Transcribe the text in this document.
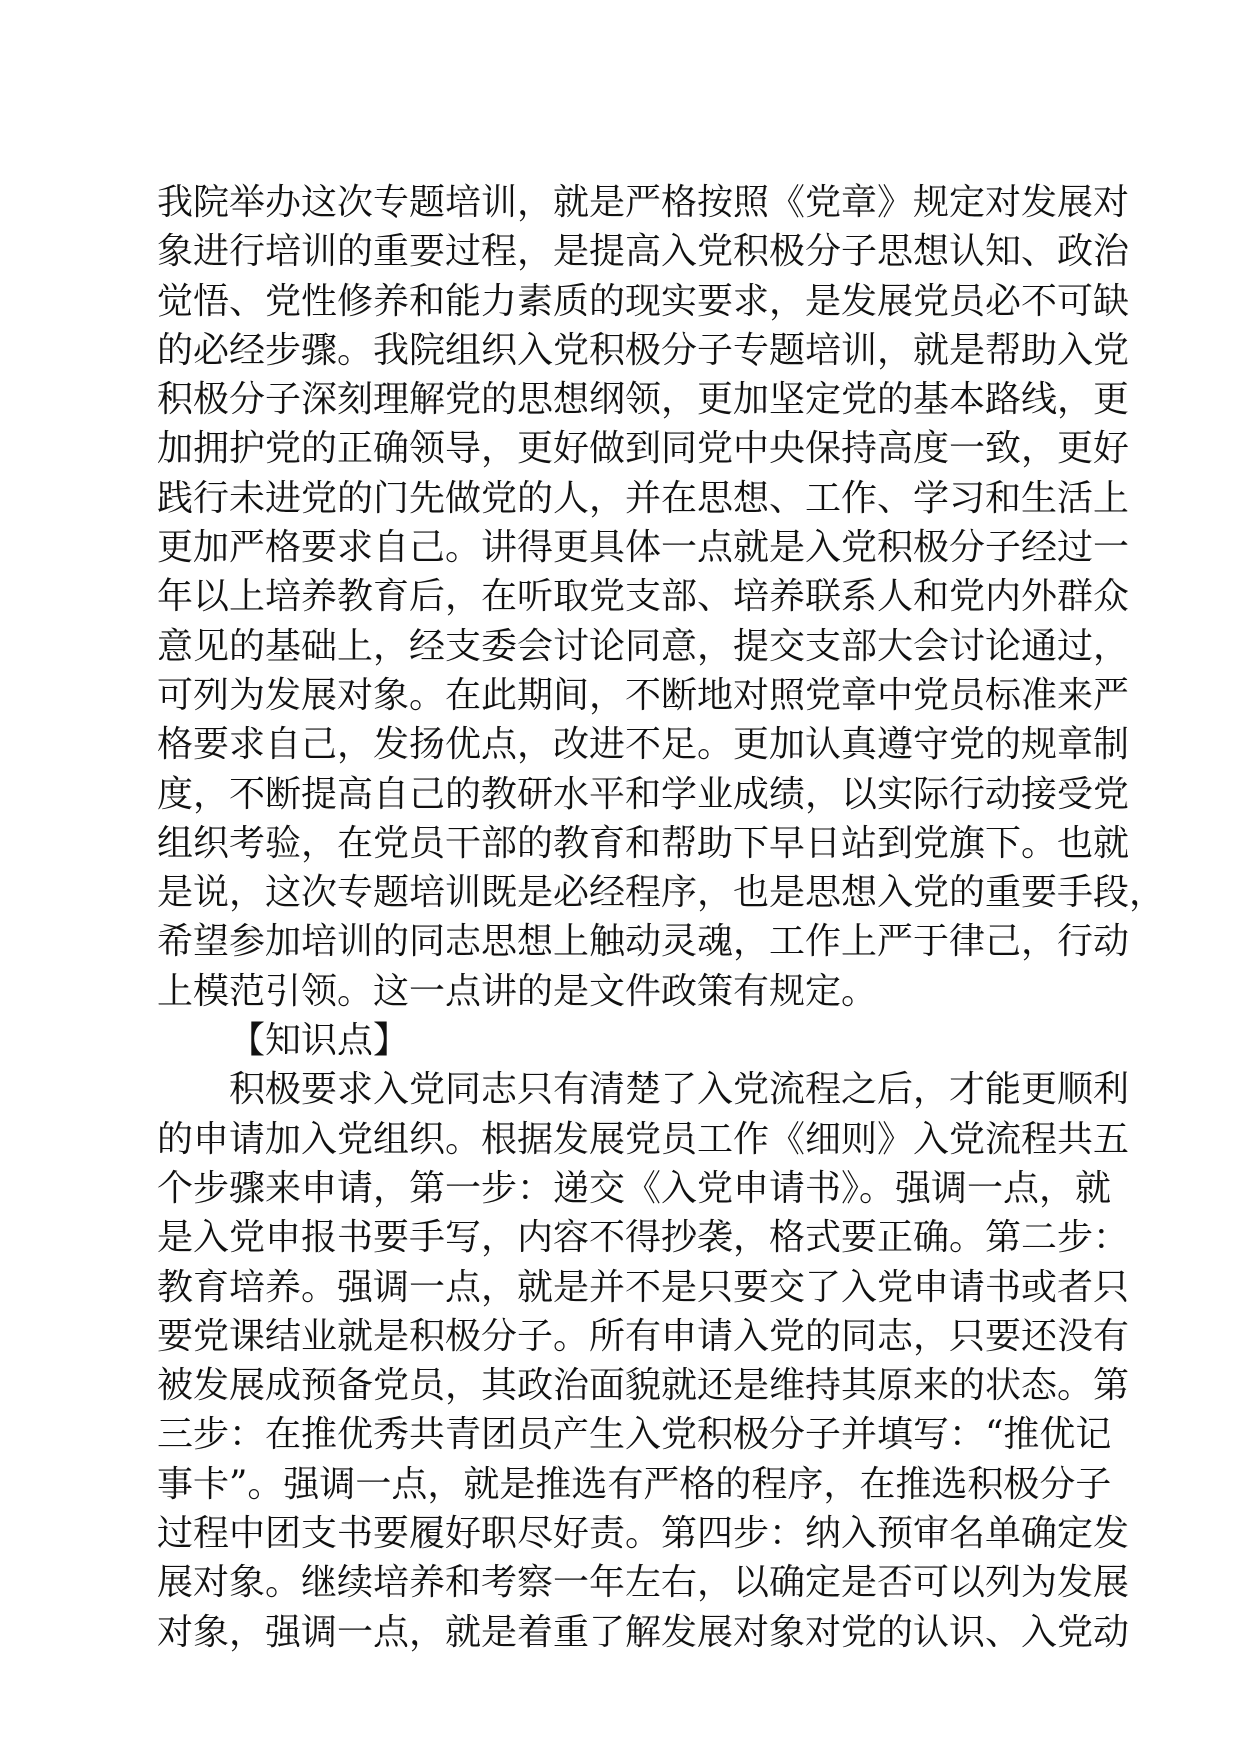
我院举办这次专题培训，就是严格按照《党章》规定对发展对
象进行培训的重要过程，是提高入党积极分子思想认知、政治
觉悟、党性修养和能力素质的现实要求，是发展党员必不可缺
的必经步骤。我院组织入党积极分子专题培训，就是帮助入党
积极分子深刻理解党的思想纲领，更加坚定党的基本路线，更
加拥护党的正确领导，更好做到同党中央保持高度一致，更好
践行未进党的门先做党的人，并在思想、工作、学习和生活上
更加严格要求自己。讲得更具体一点就是入党积极分子经过一
年以上培养教育后，在听取党支部、培养联系人和党内外群众
意见的基础上，经支委会讨论同意，提交支部大会讨论通过，
可列为发展对象。在此期间，不断地对照党章中党员标准来严
格要求自己，发扬优点，改进不足。更加认真遵守党的规章制
度，不断提高自己的教研水平和学业成绩，以实际行动接受党
组织考验，在党员干部的教育和帮助下早日站到党旗下。也就
是说，这次专题培训既是必经程序，也是思想入党的重要手段，
希望参加培训的同志思想上触动灵魂，工作上严于律己，行动
上模范引领。这一点讲的是文件政策有规定。
【知识点】
积极要求入党同志只有清楚了入党流程之后，才能更顺利
的申请加入党组织。根据发展党员工作《细则》入党流程共五
个步骤来申请，第一步：递交《入党申请书》。强调一点，就
是入党申报书要手写，内容不得抄袭，格式要正确。第二步：
教育培养。强调一点，就是并不是只要交了入党申请书或者只
要党课结业就是积极分子。所有申请入党的同志，只要还没有
被发展成预备党员，其政治面貌就还是维持其原来的状态。第
三步：在推优秀共青团员产生入党积极分子并填写：“推优记
事卡”。强调一点，就是推选有严格的程序，在推选积极分子
过程中团支书要履好职尽好责。第四步：纳入预审名单确定发
展对象。继续培养和考察一年左右，以确定是否可以列为发展
对象，强调一点，就是着重了解发展对象对党的认识、入党动
